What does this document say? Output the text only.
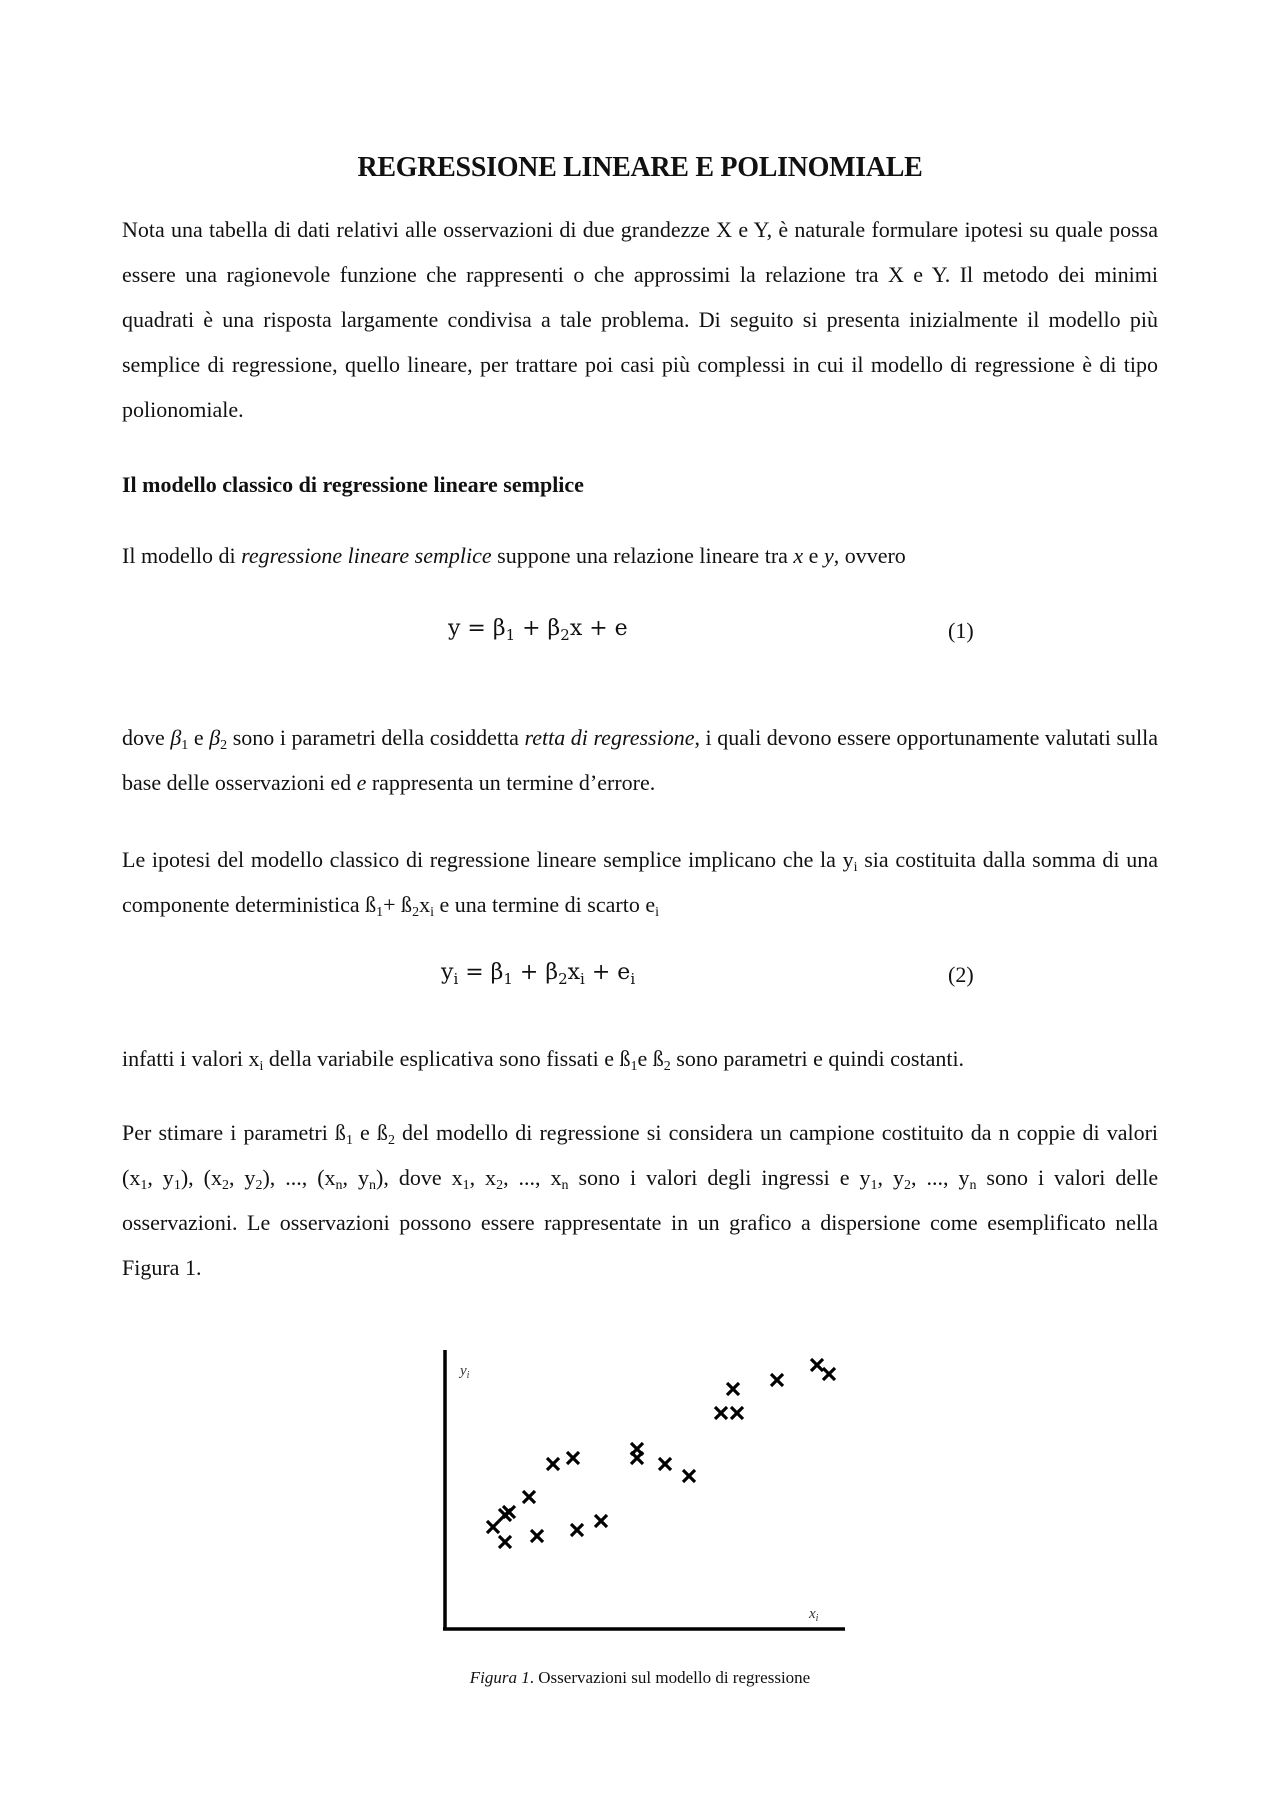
REGRESSIONE LINEARE E POLINOMIALE

Nota una tabella di dati relativi alle osservazioni di due grandezze X e Y, è naturale formulare ipotesi su quale possa essere una ragionevole funzione che rappresenti o che approssimi la relazione tra X e Y. Il metodo dei minimi quadrati è una risposta largamente condivisa a tale problema. Di seguito si presenta inizialmente il modello più semplice di regressione, quello lineare, per trattare poi casi più complessi in cui il modello di regressione è di tipo polionomiale.

Il modello classico di regressione lineare semplice

Il modello di regressione lineare semplice suppone una relazione lineare tra x e y, ovvero

$y = \beta_1 + \beta_2x + e$	(1)

dove $\beta_1$ e $\beta_2$ sono i parametri della cosiddetta retta di regressione, i quali devono essere opportunamente valutati sulla base delle osservazioni ed e rappresenta un termine d’errore.

Le ipotesi del modello classico di regressione lineare semplice implicano che la $y_i$ sia costituita dalla somma di una componente deterministica $ß_1+$ $ß_2x_i$ e una termine di scarto $e_i$

$y_i = \beta_1 + \beta_2x_i + e_i$	(2)

infatti i valori $x_i$ della variabile esplicativa sono fissati e $ß_1e$ $ß_2$ sono parametri e quindi costanti.

Per stimare i parametri $ß_1$ e $ß_2$ del modello di regressione si considera un campione costituito da n coppie di valori ($x_1$, $y_1$), ($x_2$, $y_2$), ..., ($x_n$, $y_n$), dove $x_1$, $x_2$, ..., $x_n$ sono i valori degli ingressi e $y_1$, $y_2$, ..., $y_n$ sono i valori delle osservazioni. Le osservazioni possono essere rappresentate in un grafico a dispersione come esemplificato nella Figura 1.

$y_i$
$x_i$
Figura 1. Osservazioni sul modello di regressione
